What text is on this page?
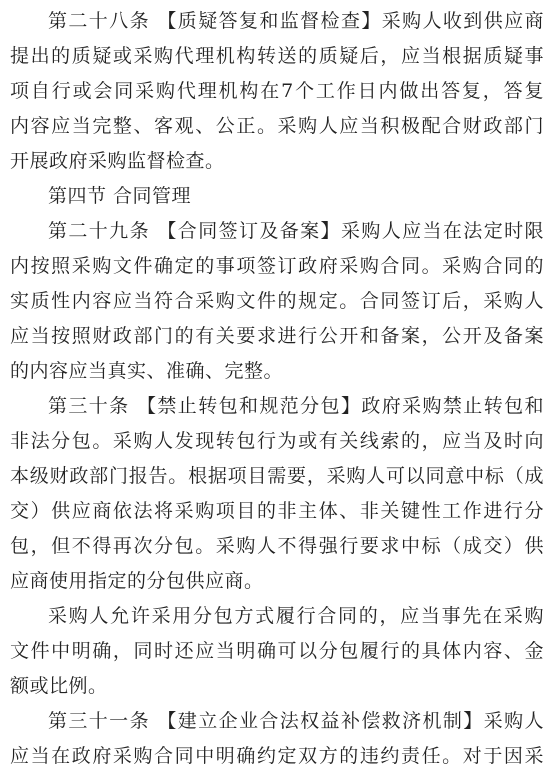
第二十八条 【质疑答复和监督检查】采购人收到供应商
提出的质疑或采购代理机构转送的质疑后，应当根据质疑事
项自行或会同采购代理机构在7个工作日内做出答复，答复
内容应当完整、客观、公正。采购人应当积极配合财政部门
开展政府采购监督检查。
第四节 合同管理
第二十九条 【合同签订及备案】采购人应当在法定时限
内按照采购文件确定的事项签订政府采购合同。采购合同的
实质性内容应当符合采购文件的规定。合同签订后，采购人
应当按照财政部门的有关要求进行公开和备案，公开及备案
的内容应当真实、准确、完整。
第三十条 【禁止转包和规范分包】政府采购禁止转包和
非法分包。采购人发现转包行为或有关线索的，应当及时向
本级财政部门报告。根据项目需要，采购人可以同意中标（成
交）供应商依法将采购项目的非主体、非关键性工作进行分
包，但不得再次分包。采购人不得强行要求中标（成交）供
应商使用指定的分包供应商。
采购人允许采用分包方式履行合同的，应当事先在采购
文件中明确，同时还应当明确可以分包履行的具体内容、金
额或比例。
第三十一条 【建立企业合法权益补偿救济机制】采购人
应当在政府采购合同中明确约定双方的违约责任。对于因采
